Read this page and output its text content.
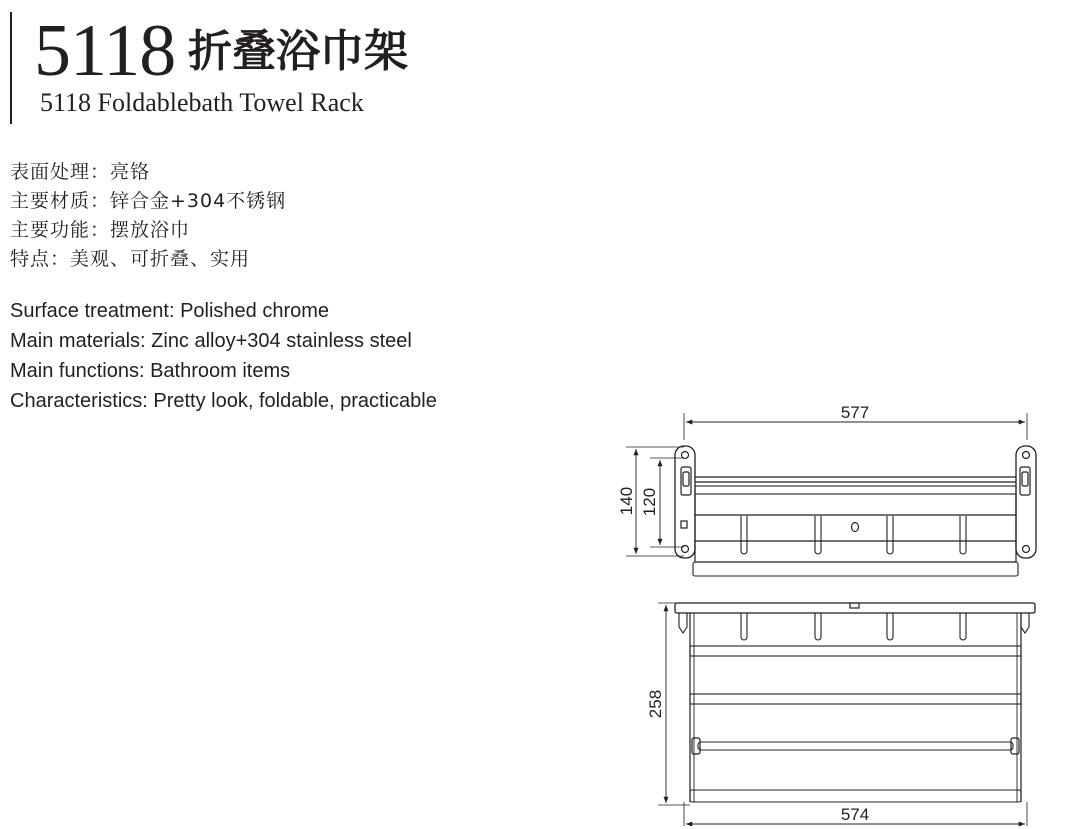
5118 折叠浴巾架
5118 Foldablebath Towel Rack
表面处理：亮铬
主要材质：锌合金+304不锈钢
主要功能：摆放浴巾
特点：美观、可折叠、实用
Surface treatment: Polished chrome
Main materials: Zinc alloy+304 stainless steel
Main functions: Bathroom items
Characteristics: Pretty look, foldable, practicable
577
140 120
258
574
